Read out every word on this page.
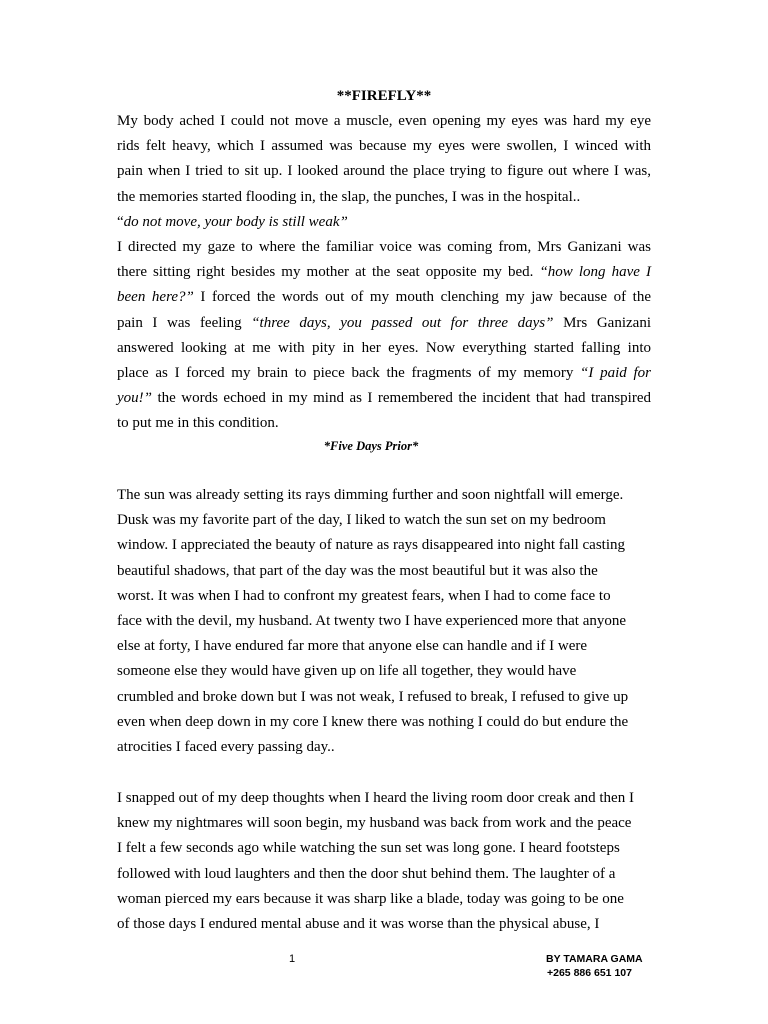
**FIREFLY**
My body ached I could not move a muscle, even opening my eyes was hard my eye
rids felt heavy, which I assumed was because my eyes were swollen, I winced with
pain when I tried to sit up. I looked around the place trying to figure out where I was,
the memories started flooding in, the slap, the punches, I was in the hospital..
“do not move, your body is still weak”
I directed my gaze to where the familiar voice was coming from, Mrs Ganizani was
there sitting right besides my mother at the seat opposite my bed. “how long have I
been here?” I forced the words out of my mouth clenching my jaw because of the
pain I was feeling “three days, you passed out for three days” Mrs Ganizani
answered looking at me with pity in her eyes. Now everything started falling into
place as I forced my brain to piece back the fragments of my memory “I paid for
you!” the words echoed in my mind as I remembered the incident that had transpired
to put me in this condition.
*Five Days Prior*
The sun was already setting its rays dimming further and soon nightfall will emerge.
Dusk was my favorite part of the day, I liked to watch the sun set on my bedroom
window. I appreciated the beauty of nature as rays disappeared into night fall casting
beautiful shadows, that part of the day was the most beautiful but it was also the
worst. It was when I had to confront my greatest fears, when I had to come face to
face with the devil, my husband. At twenty two I have experienced more that anyone
else at forty, I have endured far more that anyone else can handle and if I were
someone else they would have given up on life all together, they would have
crumbled and broke down but I was not weak, I refused to break, I refused to give up
even when deep down in my core I knew there was nothing I could do but endure the
atrocities I faced every passing day..
I snapped out of my deep thoughts when I heard the living room door creak and then I
knew my nightmares will soon begin, my husband was back from work and the peace
I felt a few seconds ago while watching the sun set was long gone. I heard footsteps
followed with loud laughters and then the door shut behind them. The laughter of a
woman pierced my ears because it was sharp like a blade, today was going to be one
of those days I endured mental abuse and it was worse than the physical abuse, I
1	BY TAMARA GAMA
+265 886 651 107
